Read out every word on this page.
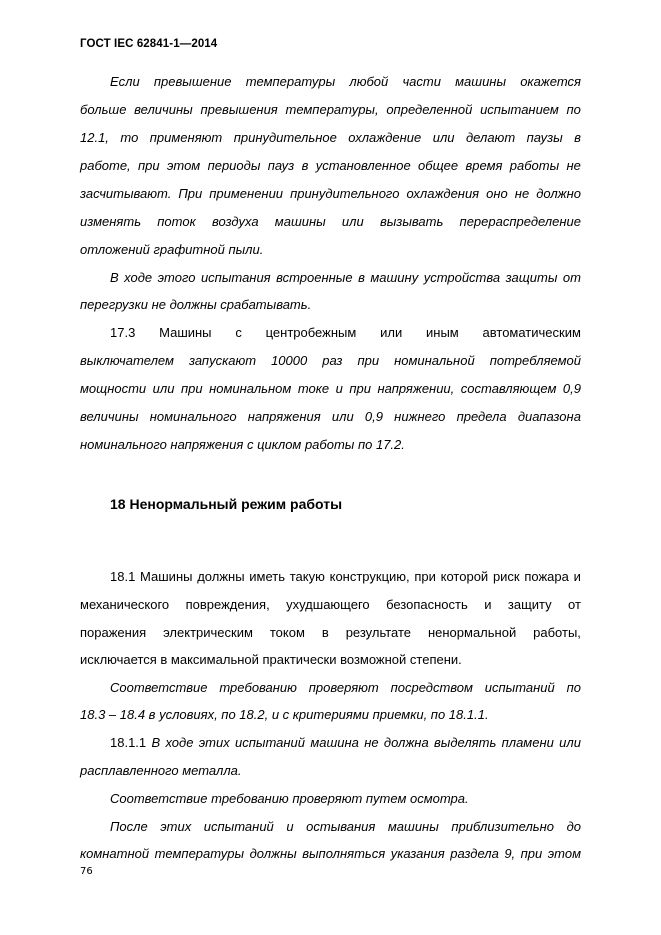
ГОСТ IEC 62841-1—2014
Если превышение температуры любой части машины окажется
больше величины превышения температуры, определенной испытанием по
12.1, то применяют принудительное охлаждение или делают паузы в
работе, при этом периоды пауз в установленное общее время работы не
засчитывают. При применении принудительного охлаждения оно не должно
изменять поток воздуха машины или вызывать перераспределение
отложений графитной пыли.
В ходе этого испытания встроенные в машину устройства защиты от
перегрузки не должны срабатывать.
17.3 Машины с центробежным или иным автоматическим
выключателем запускают 10000 раз при номинальной потребляемой
мощности или при номинальном токе и при напряжении, составляющем 0,9
величины номинального напряжения или 0,9 нижнего предела диапазона
номинального напряжения с циклом работы по 17.2.
18.1 Машины должны иметь такую конструкцию, при которой риск пожара и
механического повреждения, ухудшающего безопасность и защиту от
поражения электрическим током в результате ненормальной работы,
исключается в максимальной практически возможной степени.
Соответствие требованию проверяют посредством испытаний по
18.3 – 18.4 в условиях, по 18.2, и с критериями приемки, по 18.1.1.
18.1.1 В ходе этих испытаний машина не должна выделять пламени или
расплавленного металла.
Соответствие требованию проверяют путем осмотра.
После этих испытаний и остывания машины приблизительно до
комнатной температуры должны выполняться указания раздела 9, при этом
18 Ненормальный режим работы
76
